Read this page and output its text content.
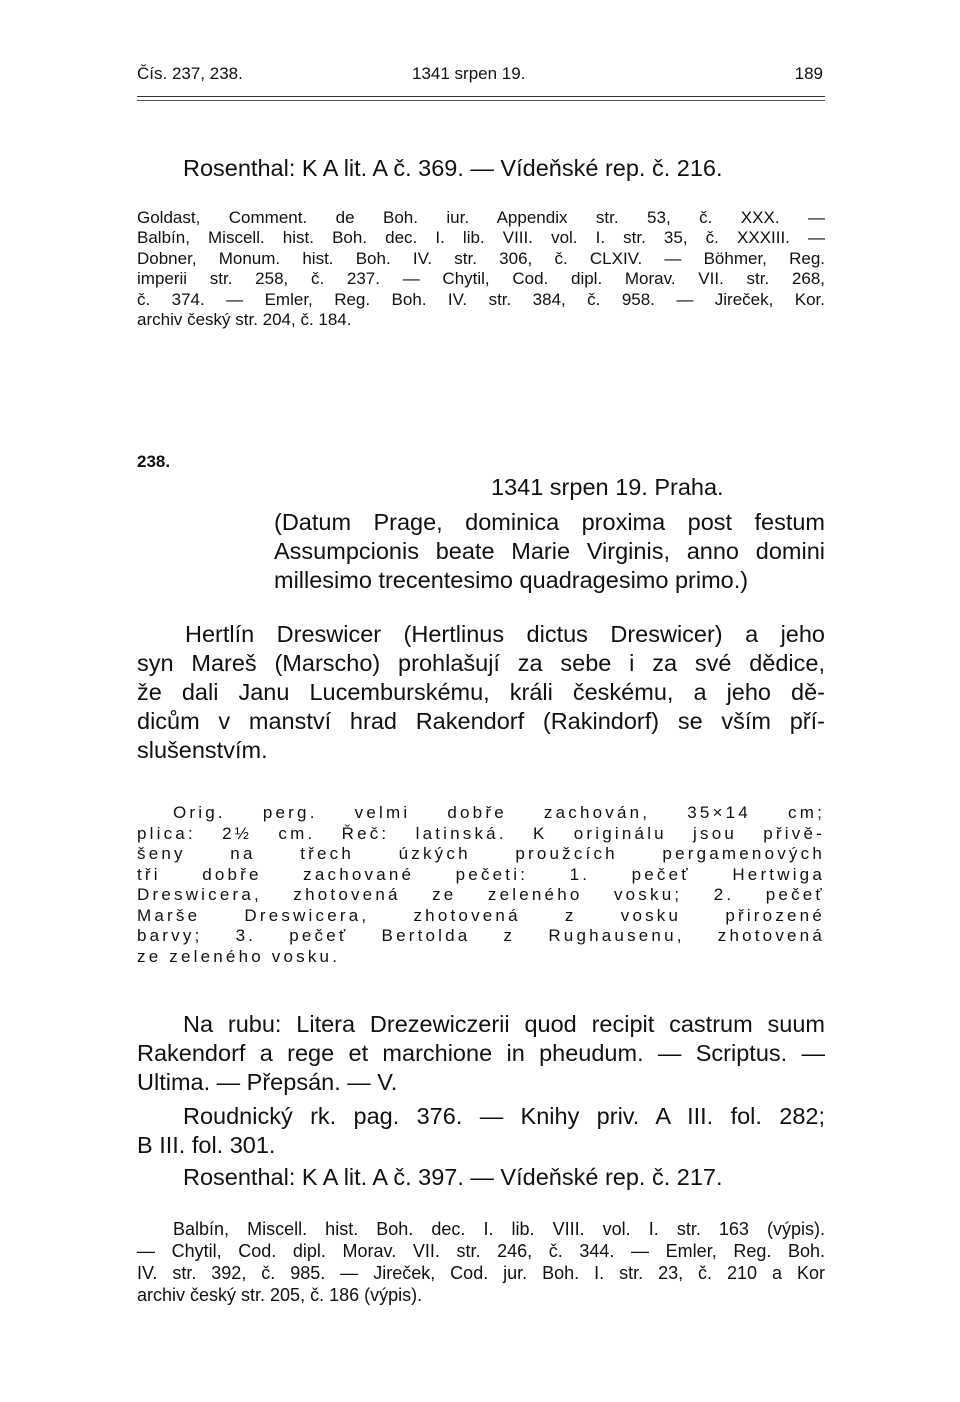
Čís. 237, 238.	1341 srpen 19.	189
Rosenthal: K A lit. A č. 369. — Vídeňské rep. č. 216.
Goldast, Comment. de Boh. iur. Appendix str. 53, č. XXX. —
Balbín, Miscell. hist. Boh. dec. I. lib. VIII. vol. I. str. 35, č. XXXIII. —
Dobner, Monum. hist. Boh. IV. str. 306, č. CLXIV. — Böhmer, Reg.
imperii str. 258, č. 237. — Chytil, Cod. dipl. Morav. VII. str. 268,
č. 374. — Emler, Reg. Boh. IV. str. 384, č. 958. — Jireček, Kor.
archiv český str. 204, č. 184.
238.
1341 srpen 19. Praha.
(Datum Prage, dominica proxima post festum
Assumpcionis beate Marie Virginis, anno domini
millesimo trecentesimo quadragesimo primo.)
Hertlín Dreswicer (Hertlinus dictus Dreswicer) a jeho
syn Mareš (Marscho) prohlašují za sebe i za své dědice,
že dali Janu Lucemburskému, králi českému, a jeho dě-
dicům v manství hrad Rakendorf (Rakindorf) se vším pří-
slušenstvím.
Orig. perg. velmi dobře zachován, 35×14 cm;
plica: 2½ cm. Řeč: latinská. K originálu jsou přivě-
šeny na třech úzkých proužcích pergamenových
tři dobře zachované pečeti: 1. pečeť Hertwiga
Dreswicera, zhotovená ze zeleného vosku; 2. pečeť
Marše Dreswicera, zhotovená z vosku přirozené
barvy; 3. pečeť Bertolda z Rughausenu, zhotovená
ze zeleného vosku.
Na rubu: Litera Drezewiczerii quod recipit castrum suum
Rakendorf a rege et marchione in pheudum. — Scriptus. —
Ultima. — Přepsán. — V.
Roudnický rk. pag. 376. — Knihy priv. A III. fol. 282;
B III. fol. 301.
Rosenthal: K A lit. A č. 397. — Vídeňské rep. č. 217.
Balbín, Miscell. hist. Boh. dec. I. lib. VIII. vol. I. str. 163 (výpis).
— Chytil, Cod. dipl. Morav. VII. str. 246, č. 344. — Emler, Reg. Boh.
IV. str. 392, č. 985. — Jireček, Cod. jur. Boh. I. str. 23, č. 210 a Kor
archiv český str. 205, č. 186 (výpis).
